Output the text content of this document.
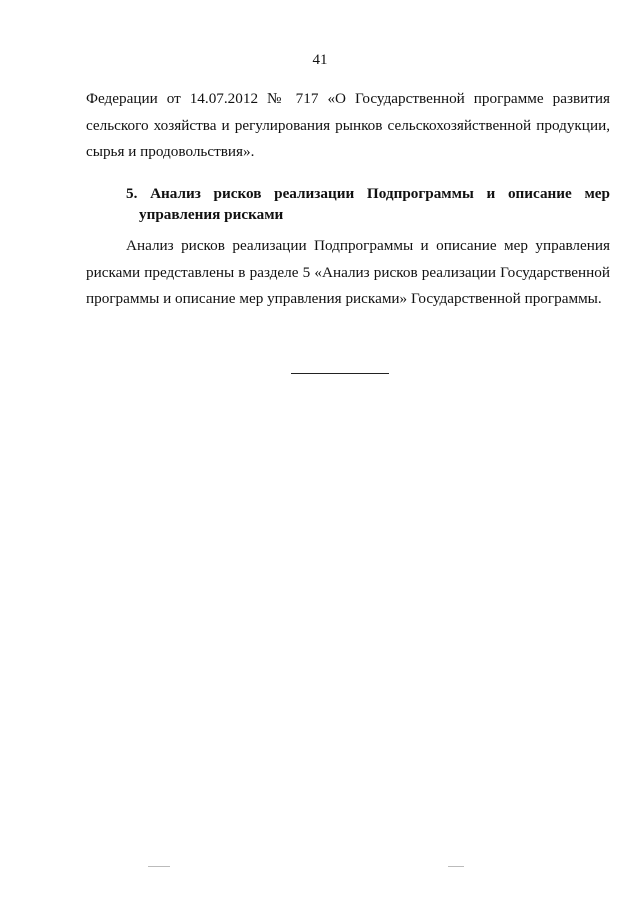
41
Федерации от 14.07.2012 № 717 «О Государственной программе развития
сельского хозяйства и регулирования рынков сельскохозяйственной продукции,
сырья и продовольствия».
5. Анализ рисков реализации Подпрограммы и описание мер
управления рисками
Анализ рисков реализации Подпрограммы и описание мер управления
рисками представлены в разделе 5 «Анализ рисков реализации Государственной
программы и описание мер управления рисками» Государственной программы.
